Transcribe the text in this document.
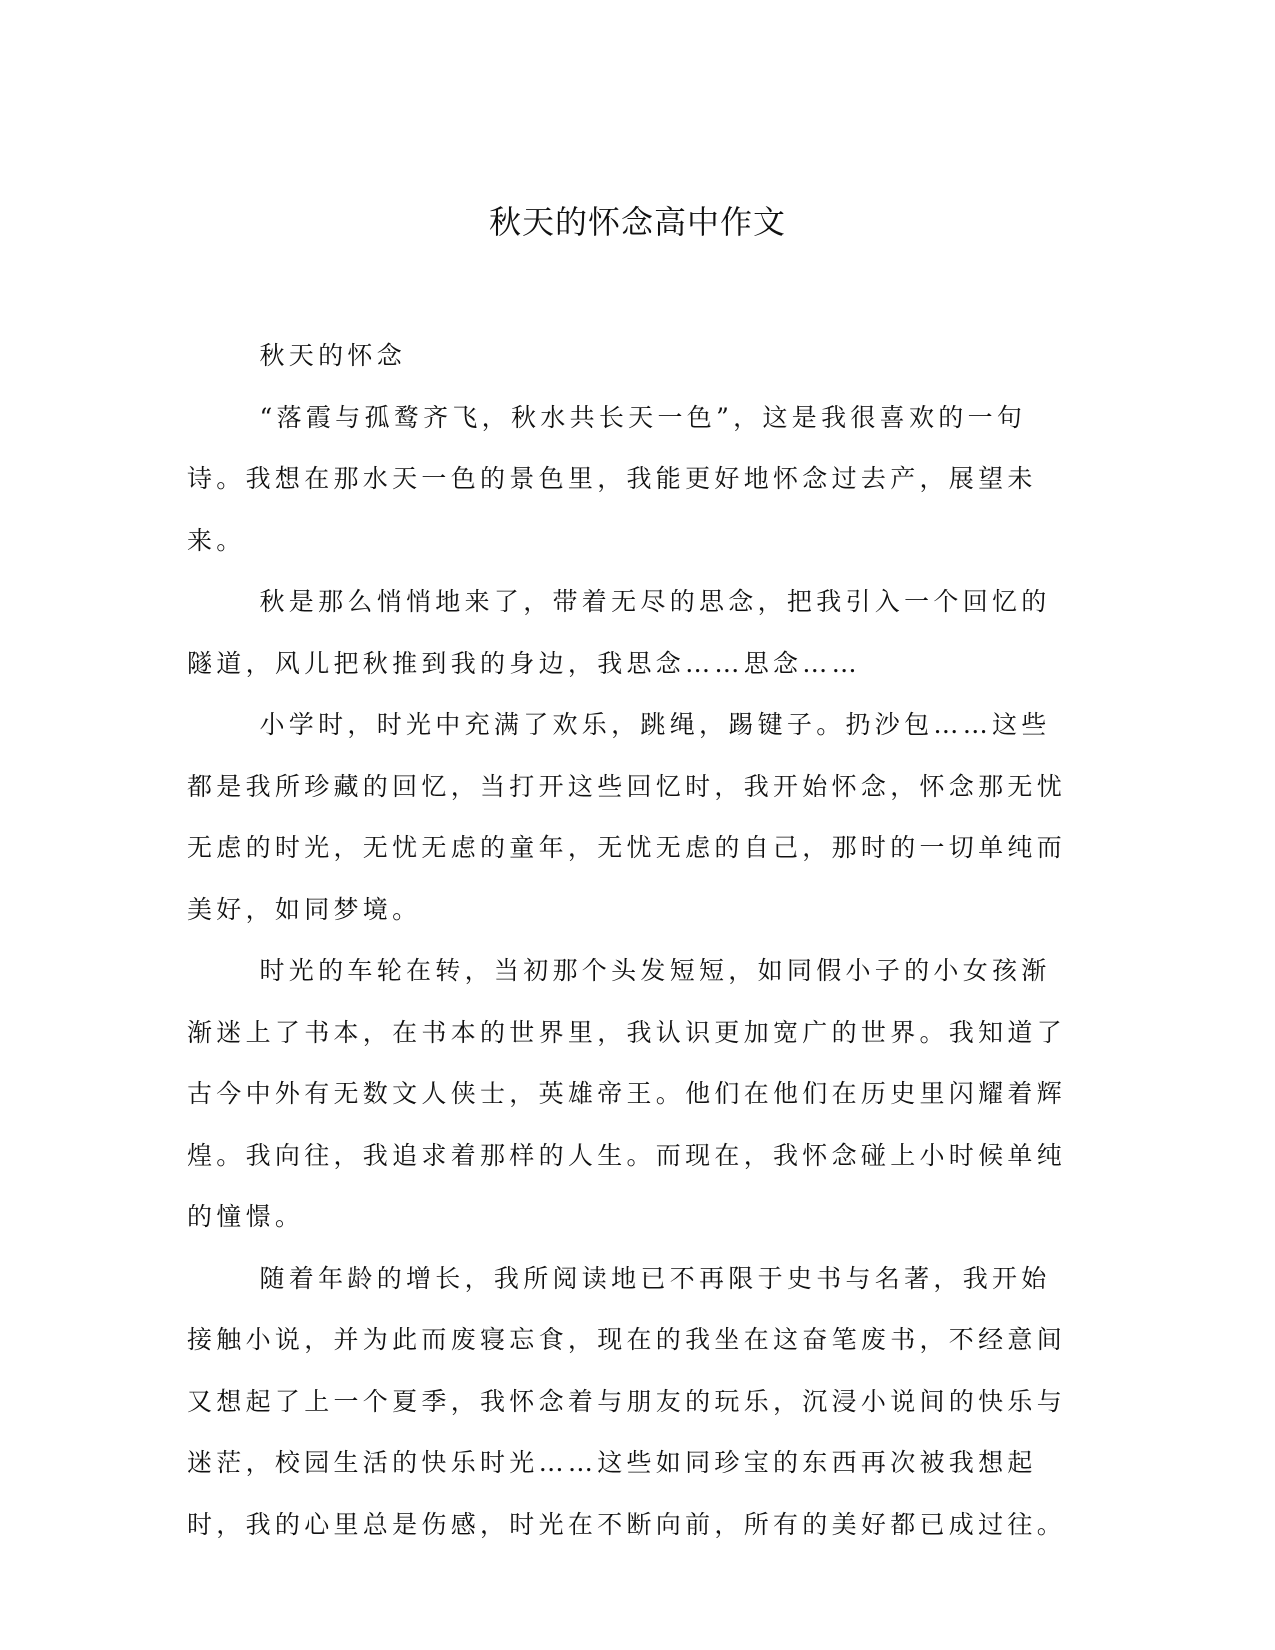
秋天的怀念高中作文

秋天的怀念

“落霞与孤鹜齐飞，秋水共长天一色”，这是我很喜欢的一句诗。我想在那水天一色的景色里，我能更好地怀念过去产，展望未来。

秋是那么悄悄地来了，带着无尽的思念，把我引入一个回忆的隧道，风儿把秋推到我的身边，我思念……思念……

小学时，时光中充满了欢乐，跳绳，踢键子。扔沙包……这些都是我所珍藏的回忆，当打开这些回忆时，我开始怀念，怀念那无忧无虑的时光，无忧无虑的童年，无忧无虑的自己，那时的一切单纯而美好，如同梦境。

时光的车轮在转，当初那个头发短短，如同假小子的小女孩渐渐迷上了书本，在书本的世界里，我认识更加宽广的世界。我知道了古今中外有无数文人侠士，英雄帝王。他们在他们在历史里闪耀着辉煌。我向往，我追求着那样的人生。而现在，我怀念碰上小时候单纯的憧憬。

随着年龄的增长，我所阅读地已不再限于史书与名著，我开始接触小说，并为此而废寝忘食，现在的我坐在这奋笔废书，不经意间又想起了上一个夏季，我怀念着与朋友的玩乐，沉浸小说间的快乐与迷茫，校园生活的快乐时光……这些如同珍宝的东西再次被我想起时，我的心里总是伤感，时光在不断向前，所有的美好都已成过往。
